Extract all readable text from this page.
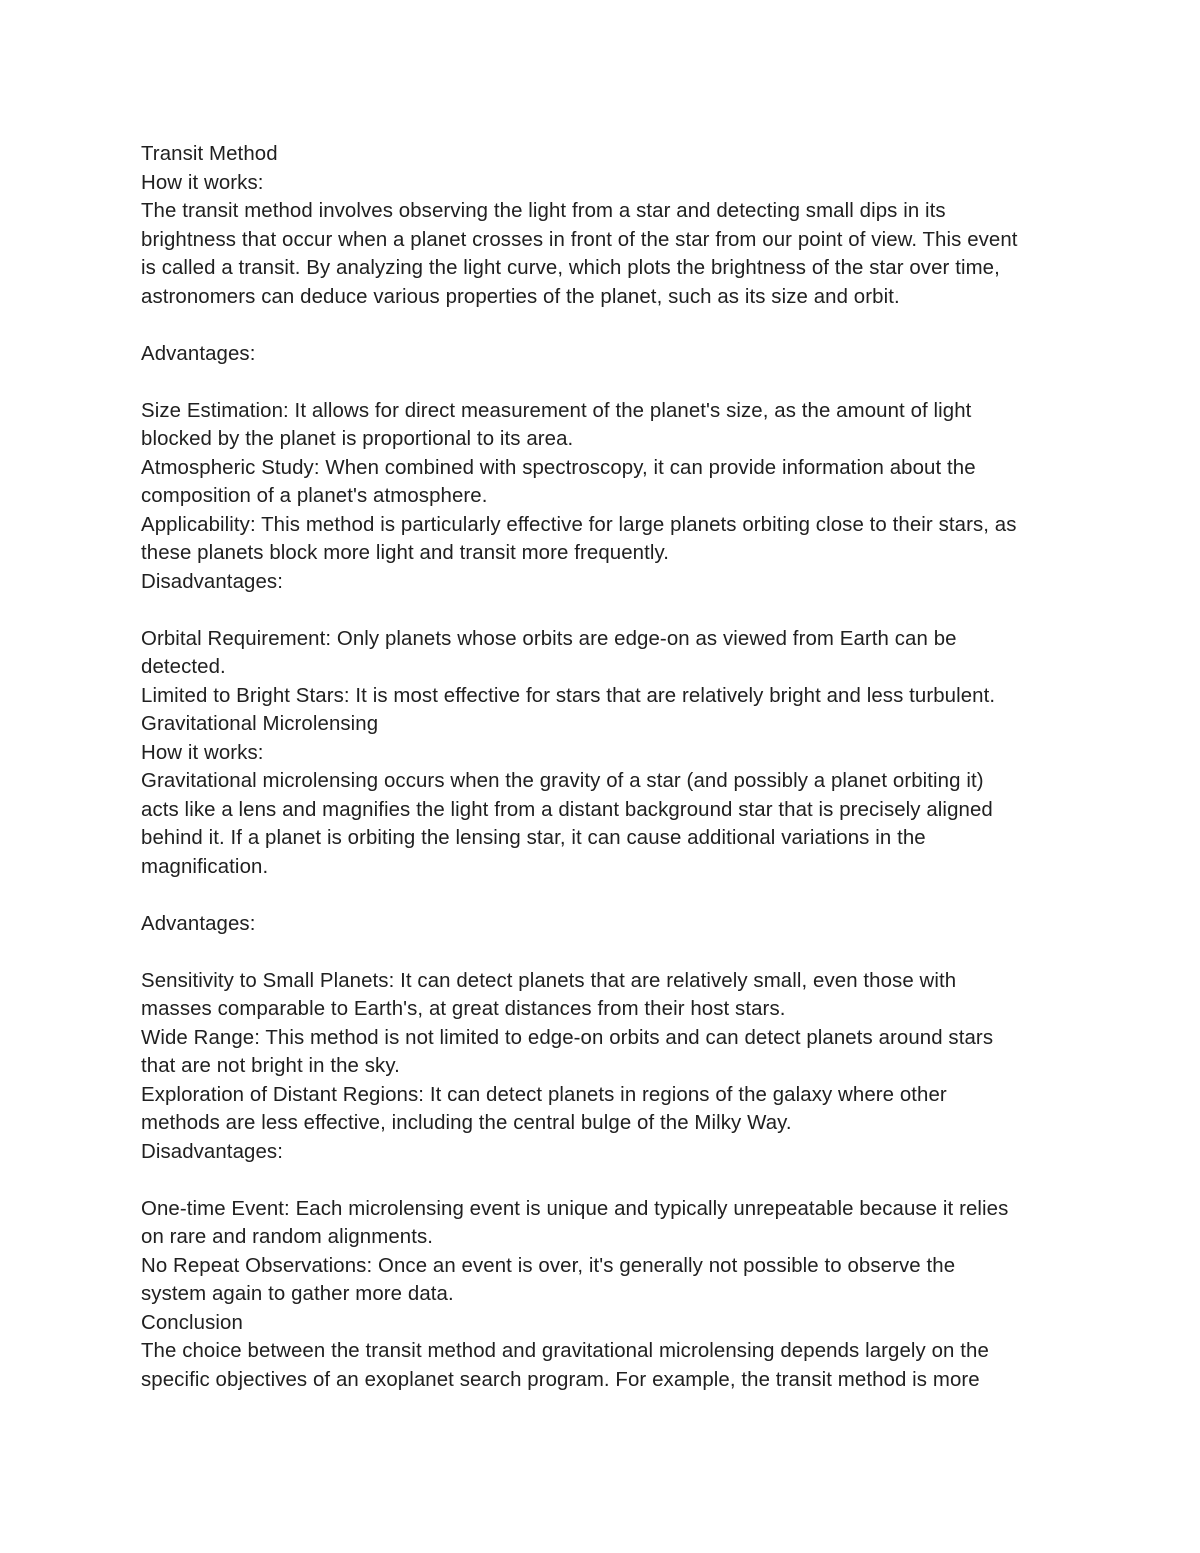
Transit Method
How it works:
The transit method involves observing the light from a star and detecting small dips in its
brightness that occur when a planet crosses in front of the star from our point of view. This event
is called a transit. By analyzing the light curve, which plots the brightness of the star over time,
astronomers can deduce various properties of the planet, such as its size and orbit.
Advantages:
Size Estimation: It allows for direct measurement of the planet's size, as the amount of light
blocked by the planet is proportional to its area.
Atmospheric Study: When combined with spectroscopy, it can provide information about the
composition of a planet's atmosphere.
Applicability: This method is particularly effective for large planets orbiting close to their stars, as
these planets block more light and transit more frequently.
Disadvantages:
Orbital Requirement: Only planets whose orbits are edge-on as viewed from Earth can be
detected.
Limited to Bright Stars: It is most effective for stars that are relatively bright and less turbulent.
Gravitational Microlensing
How it works:
Gravitational microlensing occurs when the gravity of a star (and possibly a planet orbiting it)
acts like a lens and magnifies the light from a distant background star that is precisely aligned
behind it. If a planet is orbiting the lensing star, it can cause additional variations in the
magnification.
Advantages:
Sensitivity to Small Planets: It can detect planets that are relatively small, even those with
masses comparable to Earth's, at great distances from their host stars.
Wide Range: This method is not limited to edge-on orbits and can detect planets around stars
that are not bright in the sky.
Exploration of Distant Regions: It can detect planets in regions of the galaxy where other
methods are less effective, including the central bulge of the Milky Way.
Disadvantages:
One-time Event: Each microlensing event is unique and typically unrepeatable because it relies
on rare and random alignments.
No Repeat Observations: Once an event is over, it's generally not possible to observe the
system again to gather more data.
Conclusion
The choice between the transit method and gravitational microlensing depends largely on the
specific objectives of an exoplanet search program. For example, the transit method is more
